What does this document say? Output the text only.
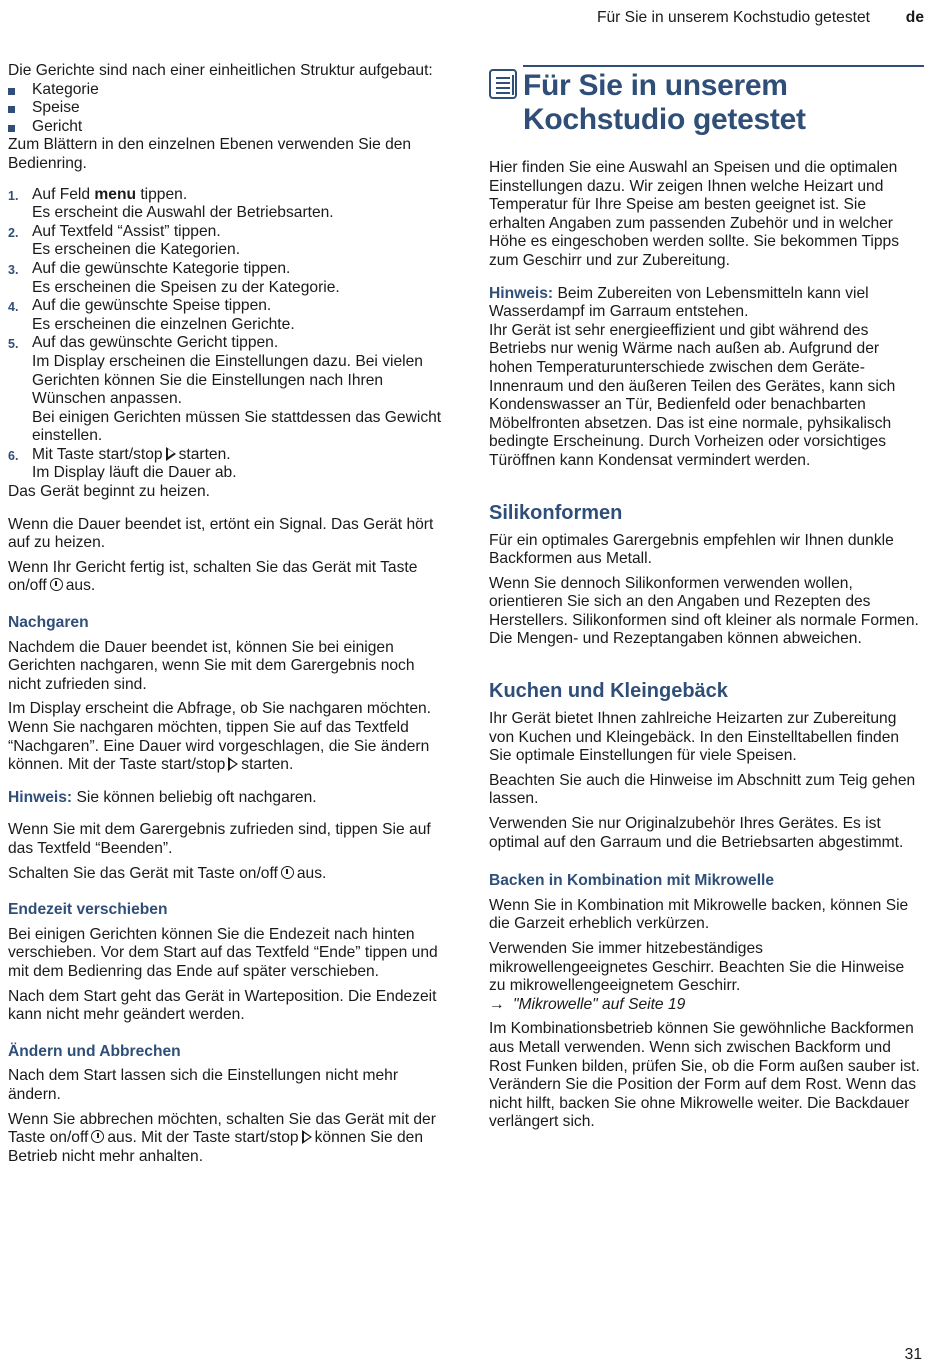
Für Sie in unserem Kochstudio getestet de

Die Gerichte sind nach einer einheitlichen Struktur aufgebaut:

Kategorie
Speise
Gericht

Zum Blättern in den einzelnen Ebenen verwenden Sie den Bedienring.

1. Auf Feld menu tippen.
Es erscheint die Auswahl der Betriebsarten.
2. Auf Textfeld “Assist” tippen.
Es erscheinen die Kategorien.
3. Auf die gewünschte Kategorie tippen.
Es erscheinen die Speisen zu der Kategorie.
4. Auf die gewünschte Speise tippen.
Es erscheinen die einzelnen Gerichte.
5. Auf das gewünschte Gericht tippen.
Im Display erscheinen die Einstellungen dazu. Bei vielen Gerichten können Sie die Einstellungen nach Ihren Wünschen anpassen.
Bei einigen Gerichten müssen Sie stattdessen das Gewicht einstellen.
6. Mit Taste start/stop starten.
Im Display läuft die Dauer ab.

Das Gerät beginnt zu heizen.

Wenn die Dauer beendet ist, ertönt ein Signal. Das Gerät hört auf zu heizen.

Wenn Ihr Gericht fertig ist, schalten Sie das Gerät mit Taste on/off aus.

Nachgaren

Nachdem die Dauer beendet ist, können Sie bei einigen Gerichten nachgaren, wenn Sie mit dem Garergebnis noch nicht zufrieden sind.

Im Display erscheint die Abfrage, ob Sie nachgaren möchten. Wenn Sie nachgaren möchten, tippen Sie auf das Textfeld “Nachgaren”. Eine Dauer wird vorgeschlagen, die Sie ändern können. Mit der Taste start/stop starten.

Hinweis: Sie können beliebig oft nachgaren.

Wenn Sie mit dem Garergebnis zufrieden sind, tippen Sie auf das Textfeld “Beenden”.

Schalten Sie das Gerät mit Taste on/off aus.

Endezeit verschieben

Bei einigen Gerichten können Sie die Endezeit nach hinten verschieben. Vor dem Start auf das Textfeld “Ende” tippen und mit dem Bedienring das Ende auf später verschieben.

Nach dem Start geht das Gerät in Warteposition. Die Endezeit kann nicht mehr geändert werden.

Ändern und Abbrechen

Nach dem Start lassen sich die Einstellungen nicht mehr ändern.

Wenn Sie abbrechen möchten, schalten Sie das Gerät mit der Taste on/off aus. Mit der Taste start/stop können Sie den Betrieb nicht mehr anhalten.

Für Sie in unserem
Kochstudio getestet

Hier finden Sie eine Auswahl an Speisen und die optimalen Einstellungen dazu. Wir zeigen Ihnen welche Heizart und Temperatur für Ihre Speise am besten geeignet ist. Sie erhalten Angaben zum passenden Zubehör und in welcher Höhe es eingeschoben werden sollte. Sie bekommen Tipps zum Geschirr und zur Zubereitung.

Hinweis: Beim Zubereiten von Lebensmitteln kann viel Wasserdampf im Garraum entstehen.

Ihr Gerät ist sehr energieeffizient und gibt während des Betriebs nur wenig Wärme nach außen ab. Aufgrund der hohen Temperaturunterschiede zwischen dem Geräte-Innenraum und den äußeren Teilen des Gerätes, kann sich Kondenswasser an Tür, Bedienfeld oder benachbarten Möbelfronten absetzen. Das ist eine normale, pyhsikalisch bedingte Erscheinung. Durch Vorheizen oder vorsichtiges Türöffnen kann Kondensat vermindert werden.

Silikonformen

Für ein optimales Garergebnis empfehlen wir Ihnen dunkle Backformen aus Metall.

Wenn Sie dennoch Silikonformen verwenden wollen, orientieren Sie sich an den Angaben und Rezepten des Herstellers. Silikonformen sind oft kleiner als normale Formen. Die Mengen- und Rezeptangaben können abweichen.

Kuchen und Kleingebäck

Ihr Gerät bietet Ihnen zahlreiche Heizarten zur Zubereitung von Kuchen und Kleingebäck. In den Einstelltabellen finden Sie optimale Einstellungen für viele Speisen.

Beachten Sie auch die Hinweise im Abschnitt zum Teig gehen lassen.

Verwenden Sie nur Originalzubehör Ihres Gerätes. Es ist optimal auf den Garraum und die Betriebsarten abgestimmt.

Backen in Kombination mit Mikrowelle

Wenn Sie in Kombination mit Mikrowelle backen, können Sie die Garzeit erheblich verkürzen.

Verwenden Sie immer hitzebeständiges mikrowellengeeignetes Geschirr. Beachten Sie die Hinweise zu mikrowellengeeignetem Geschirr.

→ "Mikrowelle" auf Seite 19

Im Kombinationsbetrieb können Sie gewöhnliche Backformen aus Metall verwenden. Wenn sich zwischen Backform und Rost Funken bilden, prüfen Sie, ob die Form außen sauber ist. Verändern Sie die Position der Form auf dem Rost. Wenn das nicht hilft, backen Sie ohne Mikrowelle weiter. Die Backdauer verlängert sich.

31
